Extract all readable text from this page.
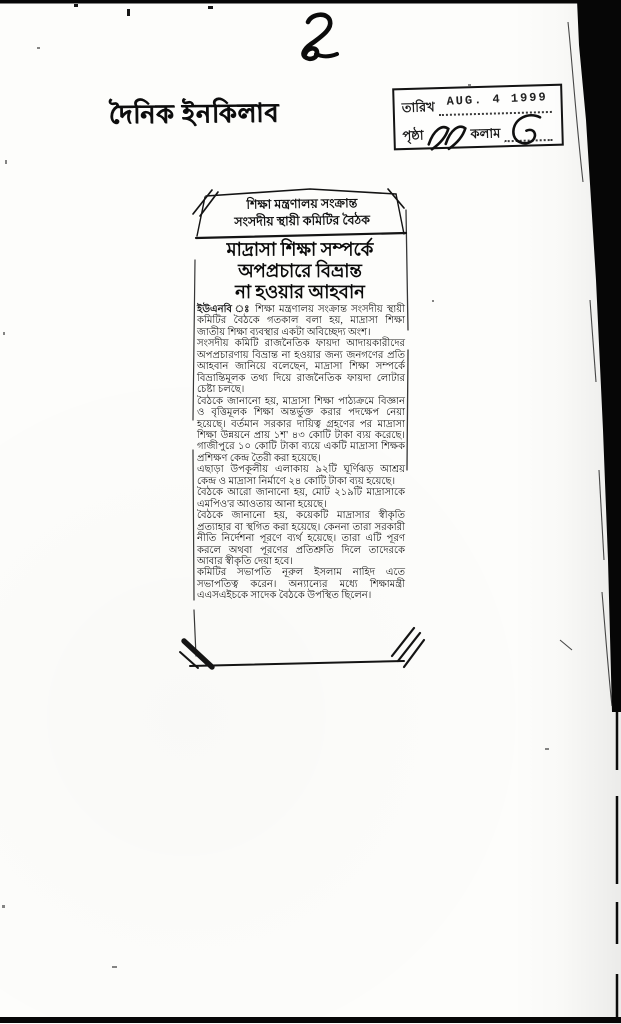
দৈনিক ইনকিলাব	তারিখ AUG. 4 1999
পৃষ্ঠা	কলাম
শিক্ষা মন্ত্রণালয় সংক্রান্ত
সংসদীয় স্থায়ী কমিটির বৈঠক
মাদ্রাসা শিক্ষা সম্পর্কে
অপপ্রচারে বিভ্রান্ত
না হওয়ার আহবান

ইউএনবি ঃ শিক্ষা মন্ত্রণালয় সংক্রান্ত সংসদীয় স্থায়ী কমিটির বৈঠকে গতকাল বলা হয়, মাদ্রাসা শিক্ষা জাতীয় শিক্ষা ব্যবস্থার একটা অবিচ্ছেদ্য অংশ।

সংসদীয় কমিটি রাজনৈতিক ফায়দা আদায়কারীদের অপপ্রচারণায় বিভ্রান্ত না হওয়ার জন্য জনগণের প্রতি আহবান জানিয়ে বলেছেন, মাদ্রাসা শিক্ষা সম্পর্কে বিভ্রান্তিমূলক তথ্য দিয়ে রাজনৈতিক ফায়দা লোটার চেষ্টা চলছে।

বৈঠকে জানানো হয়, মাদ্রাসা শিক্ষা পাঠ্যক্রমে বিজ্ঞান ও বৃত্তিমূলক শিক্ষা অন্তর্ভুক্ত করার পদক্ষেপ নেয়া হয়েছে। বর্তমান সরকার দায়িত্ব গ্রহণের পর মাদ্রাসা শিক্ষা উন্নয়নে প্রায় ১শ' ৪৩ কোটি টাকা ব্যয় করেছে। গাজীপুরে ১০ কোটি টাকা ব্যয়ে একটি মাদ্রাসা শিক্ষক প্রশিক্ষণ কেন্দ্র তৈরী করা হয়েছে।

এছাড়া উপকূলীয় এলাকায় ৯২টি ঘূর্ণিঝড় আশ্রয় কেন্দ্র ও মাদ্রাসা নির্মাণে ২৪ কোটি টাকা ব্যয় হয়েছে।

বৈঠকে আরো জানানো হয়, মোট ২১৯টি মাদ্রাসাকে এমপিও'র আওতায় আনা হয়েছে।

বৈঠকে জানানো হয়, কয়েকটি মাদ্রাসার স্বীকৃতি প্রত্যাহার বা স্থগিত করা হয়েছে। কেননা তারা সরকারী নীতি নির্দেশনা পূরণে ব্যর্থ হয়েছে। তারা এটি পূরণ করলে অথবা পূরণের প্রতিশ্রুতি দিলে তাদেরকে আবার স্বীকৃতি দেয়া হবে।

কমিটির সভাপতি নূরুল ইসলাম নাহিদ এতে সভাপতিত্ব করেন। অন্যান্যের মধ্যে শিক্ষামন্ত্রী এএসএইচকে সাদেক বৈঠকে উপস্থিত ছিলেন।
